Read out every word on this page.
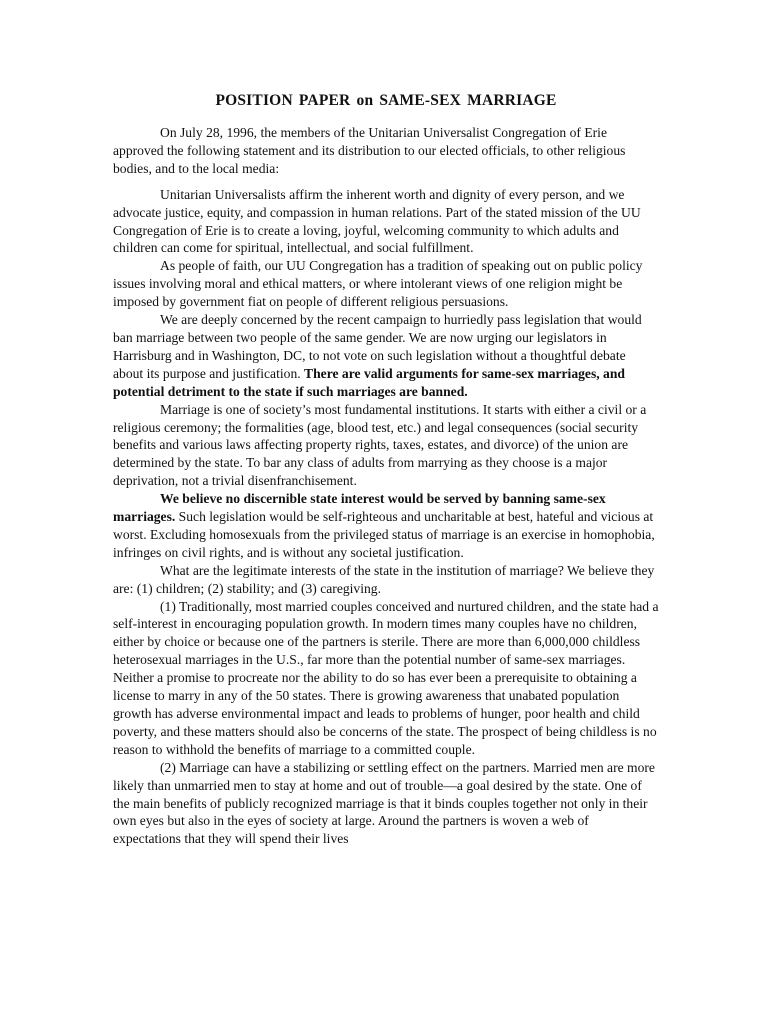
POSITION PAPER on SAME-SEX MARRIAGE

On July 28, 1996, the members of the Unitarian Universalist Congregation of Erie approved the following statement and its distribution to our elected officials, to other religious bodies, and to the local media:

Unitarian Universalists affirm the inherent worth and dignity of every person, and we advocate justice, equity, and compassion in human relations. Part of the stated mission of the UU Congregation of Erie is to create a loving, joyful, welcoming community to which adults and children can come for spiritual, intellectual, and social fulfillment.

As people of faith, our UU Congregation has a tradition of speaking out on public policy issues involving moral and ethical matters, or where intolerant views of one religion might be imposed by government fiat on people of different religious persuasions.

We are deeply concerned by the recent campaign to hurriedly pass legislation that would ban marriage between two people of the same gender. We are now urging our legislators in Harrisburg and in Washington, DC, to not vote on such legislation without a thoughtful debate about its purpose and justification. There are valid arguments for same-sex marriages, and potential detriment to the state if such marriages are banned.

Marriage is one of society’s most fundamental institutions. It starts with either a civil or a religious ceremony; the formalities (age, blood test, etc.) and legal consequences (social security benefits and various laws affecting property rights, taxes, estates, and divorce) of the union are determined by the state. To bar any class of adults from marrying as they choose is a major deprivation, not a trivial disenfranchisement.

We believe no discernible state interest would be served by banning same-sex marriages. Such legislation would be self-righteous and uncharitable at best, hateful and vicious at worst. Excluding homosexuals from the privileged status of marriage is an exercise in homophobia, infringes on civil rights, and is without any societal justification.

What are the legitimate interests of the state in the institution of marriage? We believe they are: (1) children; (2) stability; and (3) caregiving.

(1) Traditionally, most married couples conceived and nurtured children, and the state had a self-interest in encouraging population growth. In modern times many couples have no children, either by choice or because one of the partners is sterile. There are more than 6,000,000 childless heterosexual marriages in the U.S., far more than the potential number of same-sex marriages. Neither a promise to procreate nor the ability to do so has ever been a prerequisite to obtaining a license to marry in any of the 50 states. There is growing awareness that unabated population growth has adverse environmental impact and leads to problems of hunger, poor health and child poverty, and these matters should also be concerns of the state. The prospect of being childless is no reason to withhold the benefits of marriage to a committed couple.

(2) Marriage can have a stabilizing or settling effect on the partners. Married men are more likely than unmarried men to stay at home and out of trouble—a goal desired by the state. One of the main benefits of publicly recognized marriage is that it binds couples together not only in their own eyes but also in the eyes of society at large. Around the partners is woven a web of expectations that they will spend their lives
